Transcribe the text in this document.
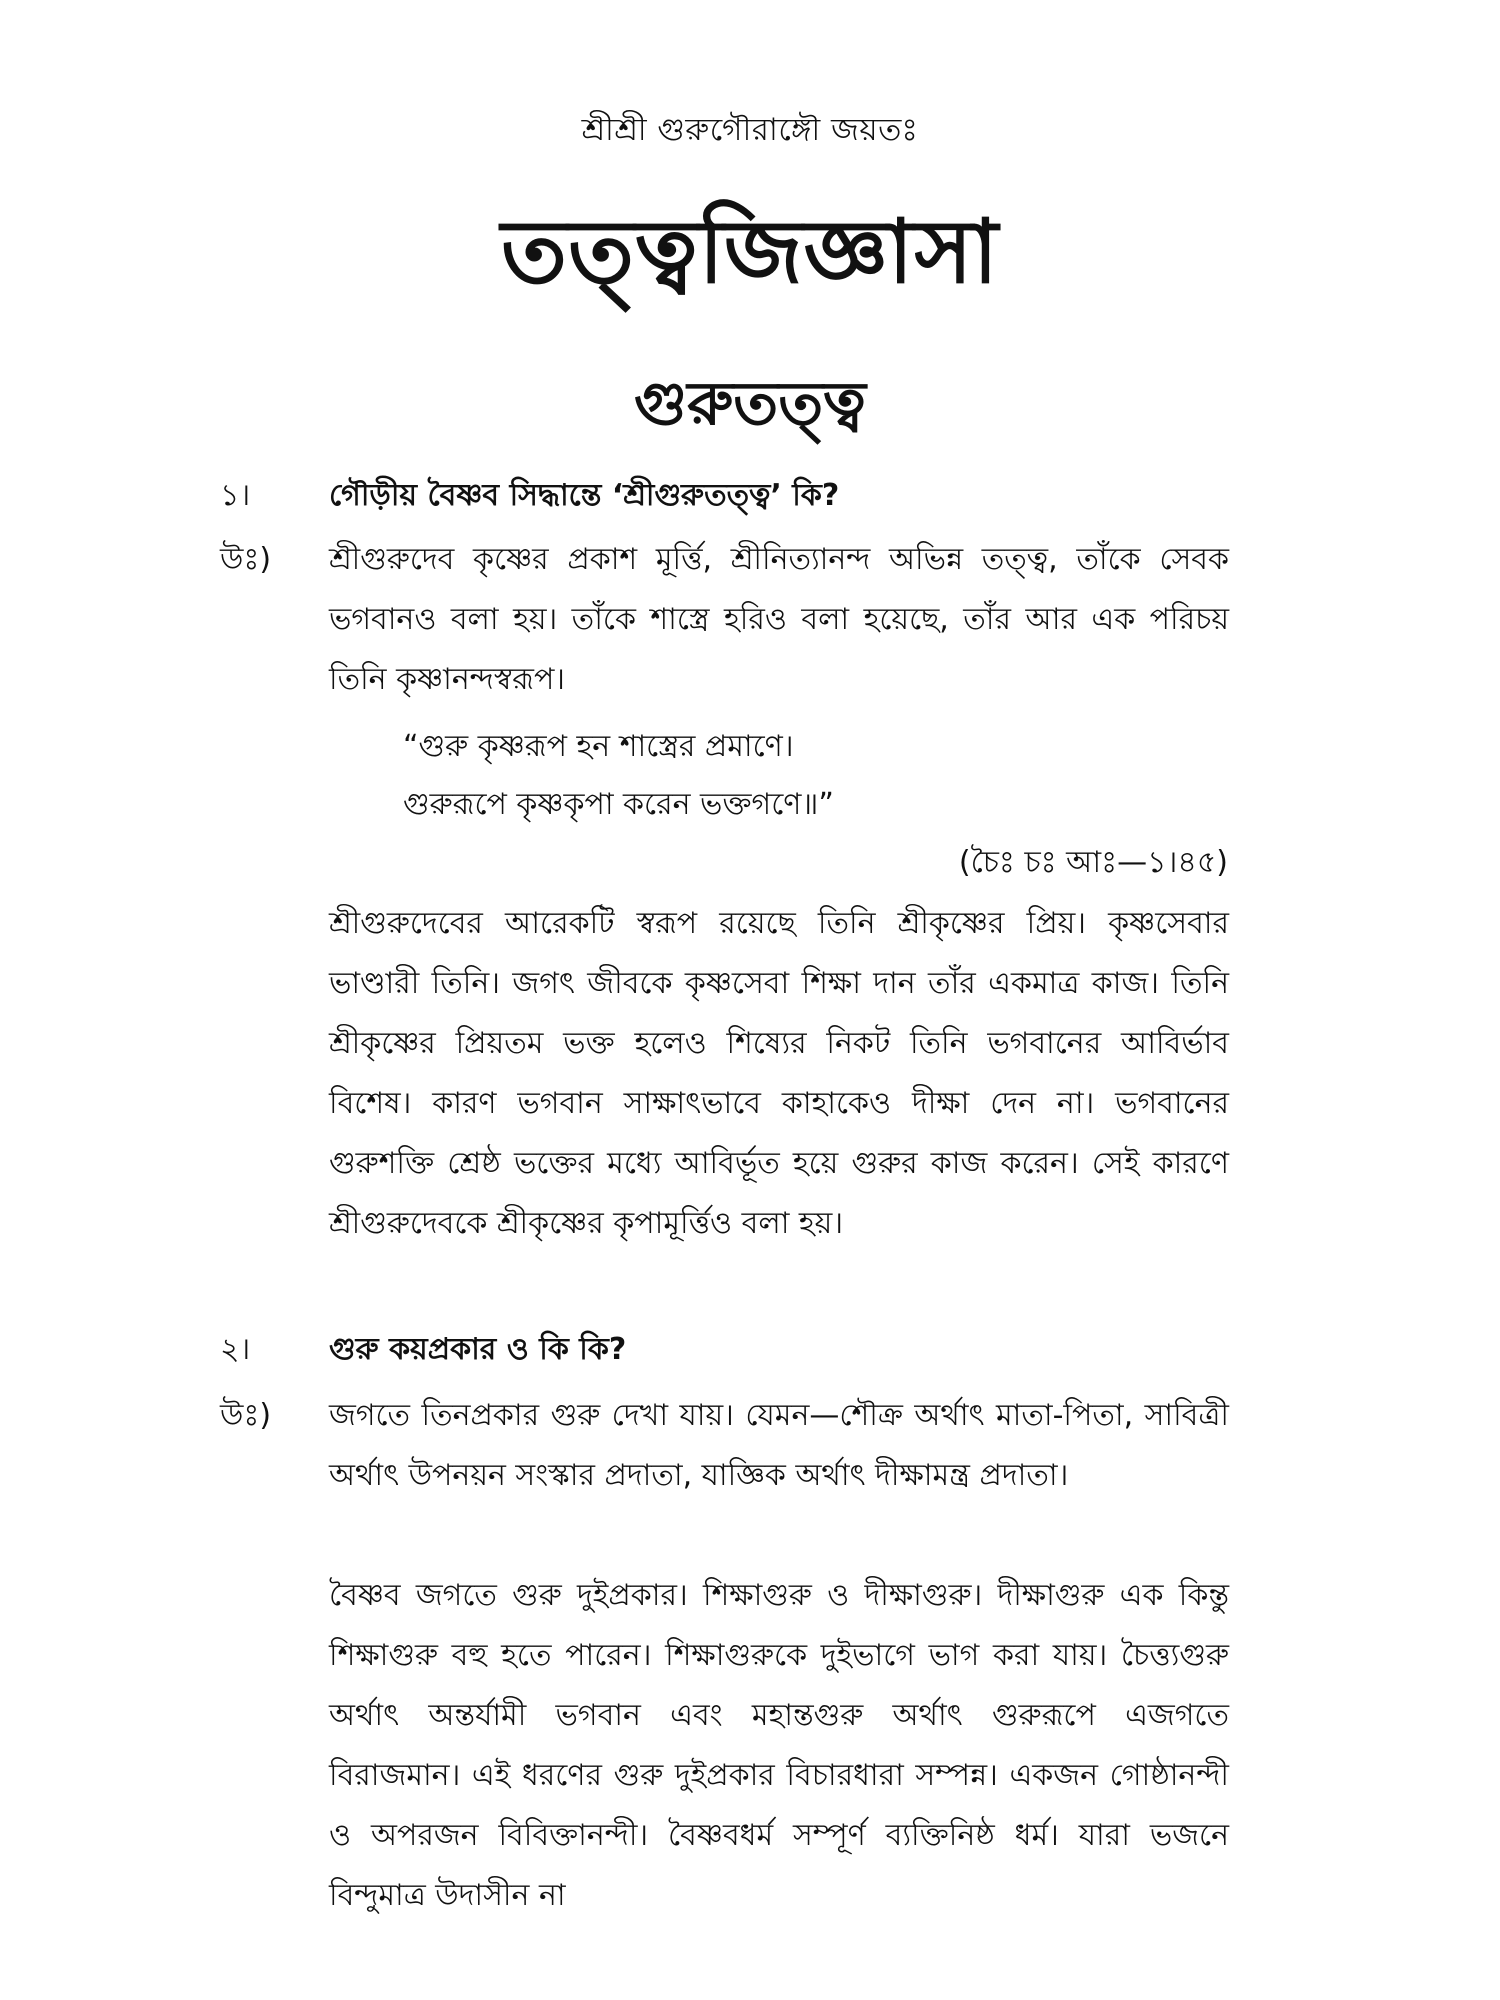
শ্রীশ্রী গুরুগৌরাঙ্গৌ জয়তঃ
তত্ত্বজিজ্ঞাসা
গুরুতত্ত্ব
১।	গৌড়ীয় বৈষ্ণব সিদ্ধান্তে ‘শ্রীগুরুতত্ত্ব’ কি?
উঃ) শ্রীগুরুদেব কৃষ্ণের প্রকাশ মূর্ত্তি, শ্রীনিত্যানন্দ অভিন্ন তত্ত্ব, তাঁকে সেবক ভগবানও বলা হয়। তাঁকে শাস্ত্রে হরিও বলা হয়েছে, তাঁর আর এক পরিচয় তিনি কৃষ্ণানন্দস্বরূপ।
“গুরু কৃষ্ণরূপ হন শাস্ত্রের প্রমাণে।
গুরুরূপে কৃষ্ণকৃপা করেন ভক্তগণে॥”
(চৈঃ চঃ আঃ—১।৪৫)
শ্রীগুরুদেবের আরেকটি স্বরূপ রয়েছে তিনি শ্রীকৃষ্ণের প্রিয়। কৃষ্ণসেবার ভাণ্ডারী তিনি। জগৎ জীবকে কৃষ্ণসেবা শিক্ষা দান তাঁর একমাত্র কাজ। তিনি শ্রীকৃষ্ণের প্রিয়তম ভক্ত হলেও শিষ্যের নিকট তিনি ভগবানের আবির্ভাব বিশেষ। কারণ ভগবান সাক্ষাৎভাবে কাহাকেও দীক্ষা দেন না। ভগবানের গুরুশক্তি শ্রেষ্ঠ ভক্তের মধ্যে আবির্ভূত হয়ে গুরুর কাজ করেন। সেই কারণে শ্রীগুরুদেবকে শ্রীকৃষ্ণের কৃপামূর্ত্তিও বলা হয়।
২।	গুরু কয়প্রকার ও কি কি?
উঃ) জগতে তিনপ্রকার গুরু দেখা যায়। যেমন—শৌক্র অর্থাৎ মাতা-পিতা, সাবিত্রী অর্থাৎ উপনয়ন সংস্কার প্রদাতা, যাজ্ঞিক অর্থাৎ দীক্ষামন্ত্র প্রদাতা।
বৈষ্ণব জগতে গুরু দুইপ্রকার। শিক্ষাগুরু ও দীক্ষাগুরু। দীক্ষাগুরু এক কিন্তু শিক্ষাগুরু বহু হতে পারেন। শিক্ষাগুরুকে দুইভাগে ভাগ করা যায়। চৈত্ত্যগুরু অর্থাৎ অন্তর্যামী ভগবান এবং মহান্তগুরু অর্থাৎ গুরুরূপে এজগতে বিরাজমান। এই ধরণের গুরু দুইপ্রকার বিচারধারা সম্পন্ন। একজন গোষ্ঠানন্দী ও অপরজন বিবিক্তানন্দী। বৈষ্ণবধর্ম সম্পূর্ণ ব্যক্তিনিষ্ঠ ধর্ম। যারা ভজনে বিন্দুমাত্র উদাসীন না
